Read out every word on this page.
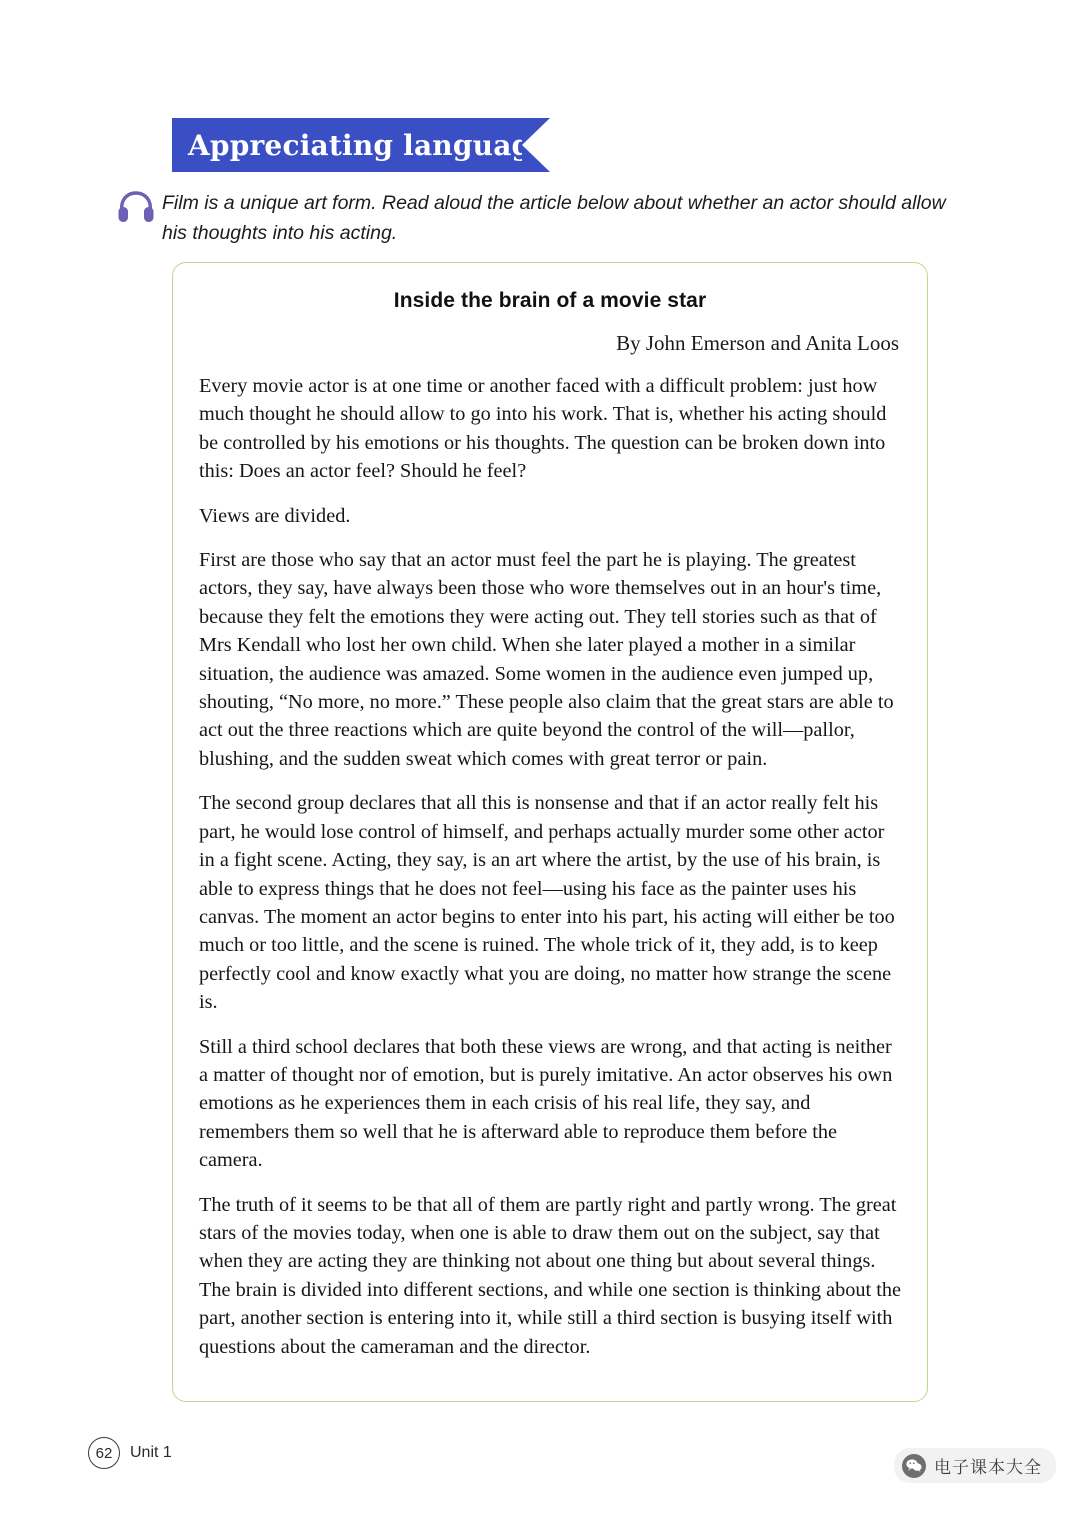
Appreciating language
Film is a unique art form. Read aloud the article below about whether an actor should allow his thoughts into his acting.
Inside the brain of a movie star
By John Emerson and Anita Loos

Every movie actor is at one time or another faced with a difficult problem: just how much thought he should allow to go into his work. That is, whether his acting should be controlled by his emotions or his thoughts. The question can be broken down into this: Does an actor feel? Should he feel?

Views are divided.

First are those who say that an actor must feel the part he is playing. The greatest actors, they say, have always been those who wore themselves out in an hour's time, because they felt the emotions they were acting out. They tell stories such as that of Mrs Kendall who lost her own child. When she later played a mother in a similar situation, the audience was amazed. Some women in the audience even jumped up, shouting, “No more, no more.” These people also claim that the great stars are able to act out the three reactions which are quite beyond the control of the will—pallor, blushing, and the sudden sweat which comes with great terror or pain.

The second group declares that all this is nonsense and that if an actor really felt his part, he would lose control of himself, and perhaps actually murder some other actor in a fight scene. Acting, they say, is an art where the artist, by the use of his brain, is able to express things that he does not feel—using his face as the painter uses his canvas. The moment an actor begins to enter into his part, his acting will either be too much or too little, and the scene is ruined. The whole trick of it, they add, is to keep perfectly cool and know exactly what you are doing, no matter how strange the scene is.

Still a third school declares that both these views are wrong, and that acting is neither a matter of thought nor of emotion, but is purely imitative. An actor observes his own emotions as he experiences them in each crisis of his real life, they say, and remembers them so well that he is afterward able to reproduce them before the camera.

The truth of it seems to be that all of them are partly right and partly wrong. The great stars of the movies today, when one is able to draw them out on the subject, say that when they are acting they are thinking not about one thing but about several things. The brain is divided into different sections, and while one section is thinking about the part, another section is entering into it, while still a third section is busying itself with questions about the cameraman and the director.

62	Unit 1
电子课本大全
